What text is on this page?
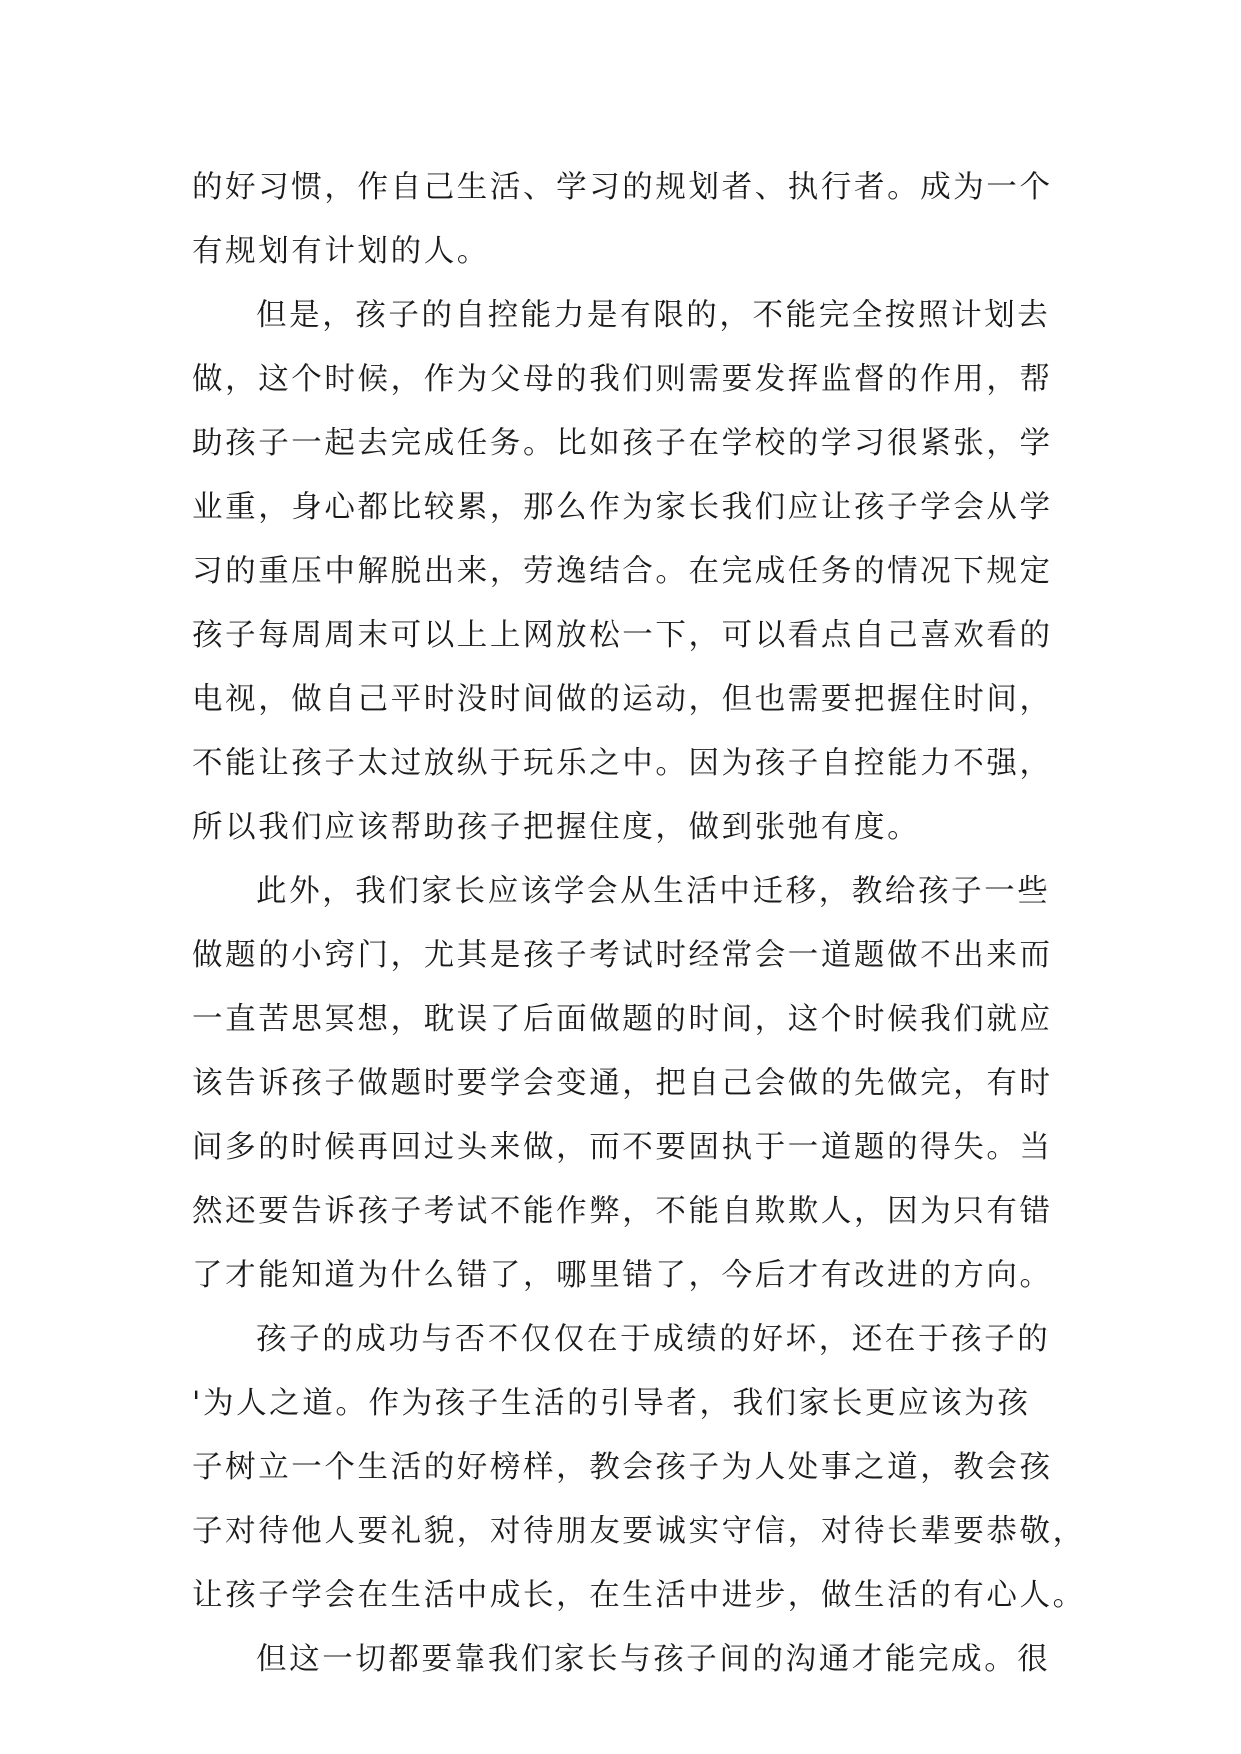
的好习惯，作自己生活、学习的规划者、执行者。成为一个
有规划有计划的人。
但是，孩子的自控能力是有限的，不能完全按照计划去
做，这个时候，作为父母的我们则需要发挥监督的作用，帮
助孩子一起去完成任务。比如孩子在学校的学习很紧张，学
业重，身心都比较累，那么作为家长我们应让孩子学会从学
习的重压中解脱出来，劳逸结合。在完成任务的情况下规定
孩子每周周末可以上上网放松一下，可以看点自己喜欢看的
电视，做自己平时没时间做的运动，但也需要把握住时间，
不能让孩子太过放纵于玩乐之中。因为孩子自控能力不强，
所以我们应该帮助孩子把握住度，做到张弛有度。
此外，我们家长应该学会从生活中迁移，教给孩子一些
做题的小窍门，尤其是孩子考试时经常会一道题做不出来而
一直苦思冥想，耽误了后面做题的时间，这个时候我们就应
该告诉孩子做题时要学会变通，把自己会做的先做完，有时
间多的时候再回过头来做，而不要固执于一道题的得失。当
然还要告诉孩子考试不能作弊，不能自欺欺人，因为只有错
了才能知道为什么错了，哪里错了，今后才有改进的方向。
孩子的成功与否不仅仅在于成绩的好坏，还在于孩子的
'为人之道。作为孩子生活的引导者，我们家长更应该为孩
子树立一个生活的好榜样，教会孩子为人处事之道，教会孩
子对待他人要礼貌，对待朋友要诚实守信，对待长辈要恭敬，
让孩子学会在生活中成长，在生活中进步，做生活的有心人。
但这一切都要靠我们家长与孩子间的沟通才能完成。很
